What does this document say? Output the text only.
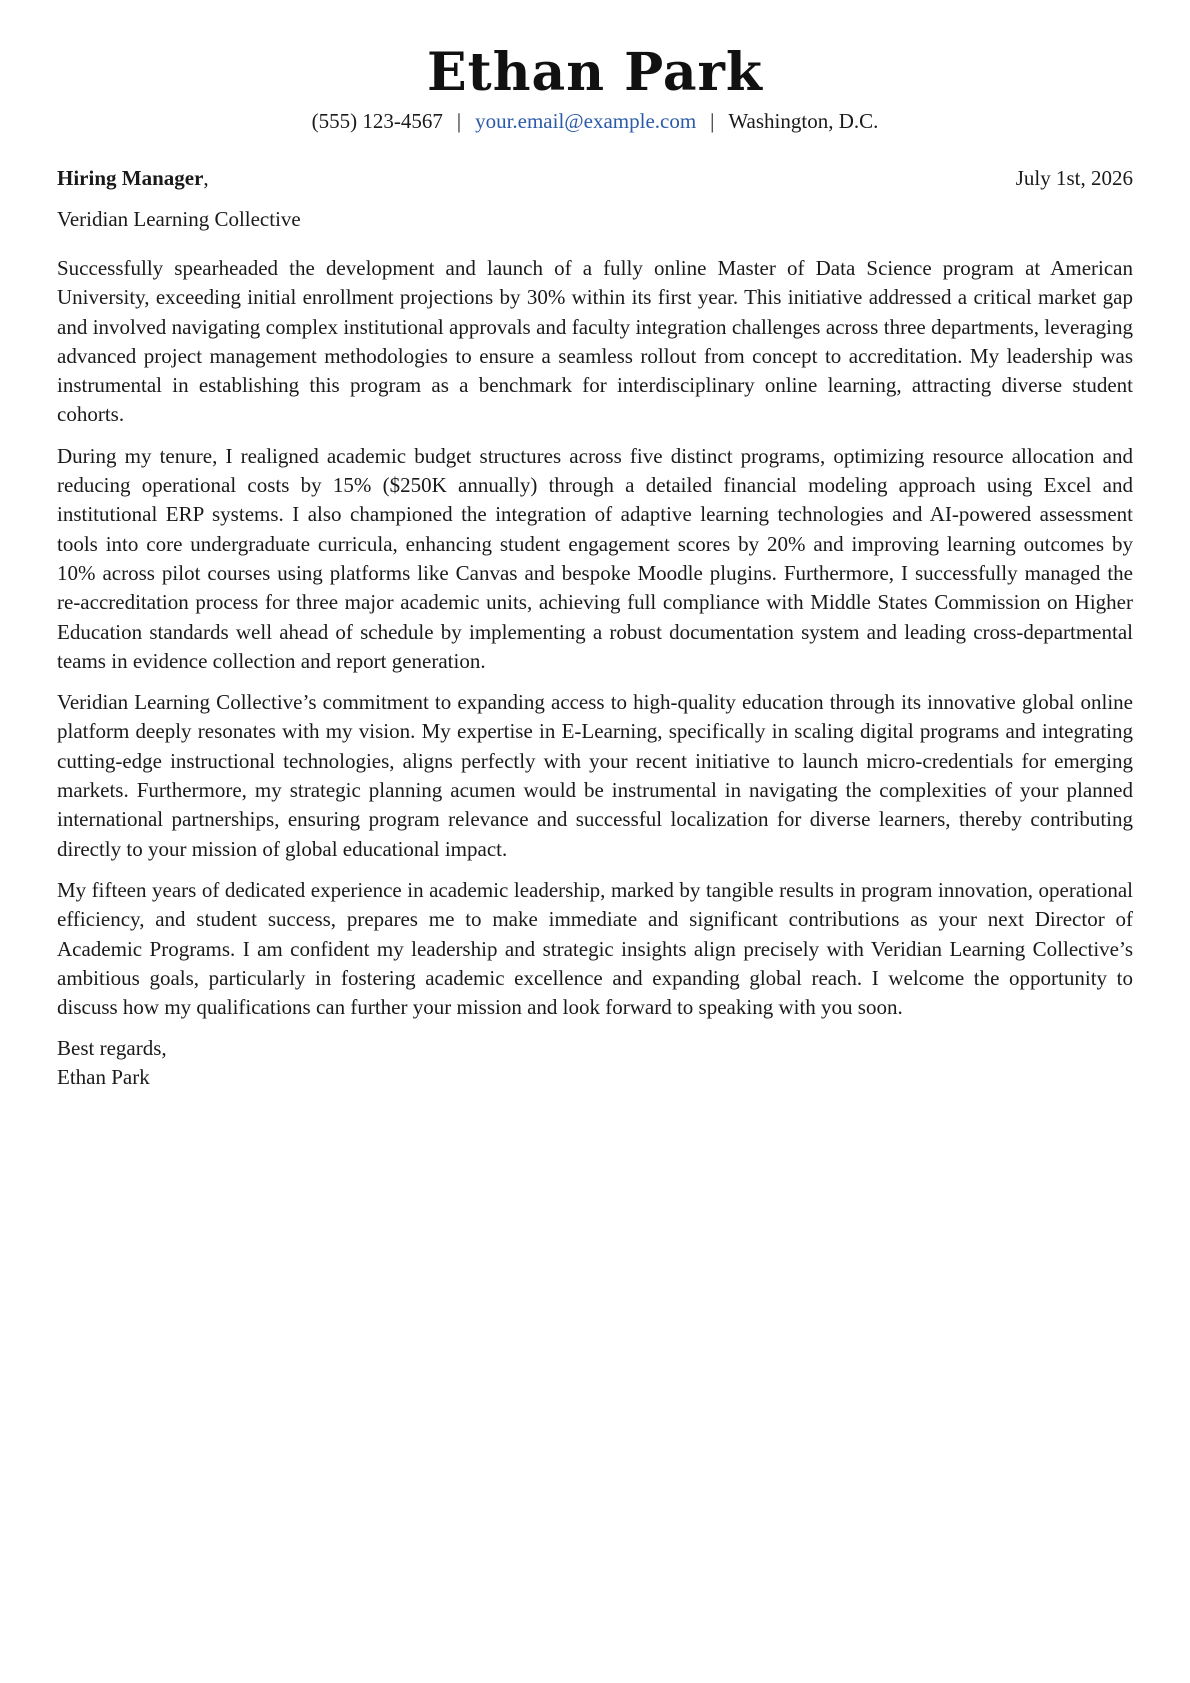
Ethan Park
(555) 123-4567 | your.email@example.com | Washington, D.C.
Hiring Manager,	July 1st, 2026
Veridian Learning Collective

Successfully spearheaded the development and launch of a fully online Master of Data Science program at American University, exceeding initial enrollment projections by 30% within its first year. This initiative addressed a critical market gap and involved navigating complex institutional approvals and faculty integration challenges across three departments, leveraging advanced project management methodologies to ensure a seamless rollout from concept to accreditation. My leadership was instrumental in establishing this program as a benchmark for interdisciplinary online learning, attracting diverse student cohorts.

During my tenure, I realigned academic budget structures across five distinct programs, optimizing resource allocation and reducing operational costs by 15% ($250K annually) through a detailed financial modeling approach using Excel and institutional ERP systems. I also championed the integration of adaptive learning technologies and AI-powered assessment tools into core undergraduate curricula, enhancing student engagement scores by 20% and improving learning outcomes by 10% across pilot courses using platforms like Canvas and bespoke Moodle plugins. Furthermore, I successfully managed the re-accreditation process for three major academic units, achieving full compliance with Middle States Commission on Higher Education standards well ahead of schedule by implementing a robust documentation system and leading cross-departmental teams in evidence collection and report generation.

Veridian Learning Collective’s commitment to expanding access to high-quality education through its innovative global online platform deeply resonates with my vision. My expertise in E-Learning, specifically in scaling digital programs and integrating cutting-edge instructional technologies, aligns perfectly with your recent initiative to launch micro-credentials for emerging markets. Furthermore, my strategic planning acumen would be instrumental in navigating the complexities of your planned international partnerships, ensuring program relevance and successful localization for diverse learners, thereby contributing directly to your mission of global educational impact.

My fifteen years of dedicated experience in academic leadership, marked by tangible results in program innovation, operational efficiency, and student success, prepares me to make immediate and significant contributions as your next Director of Academic Programs. I am confident my leadership and strategic insights align precisely with Veridian Learning Collective’s ambitious goals, particularly in fostering academic excellence and expanding global reach. I welcome the opportunity to discuss how my qualifications can further your mission and look forward to speaking with you soon.

Best regards,
Ethan Park
